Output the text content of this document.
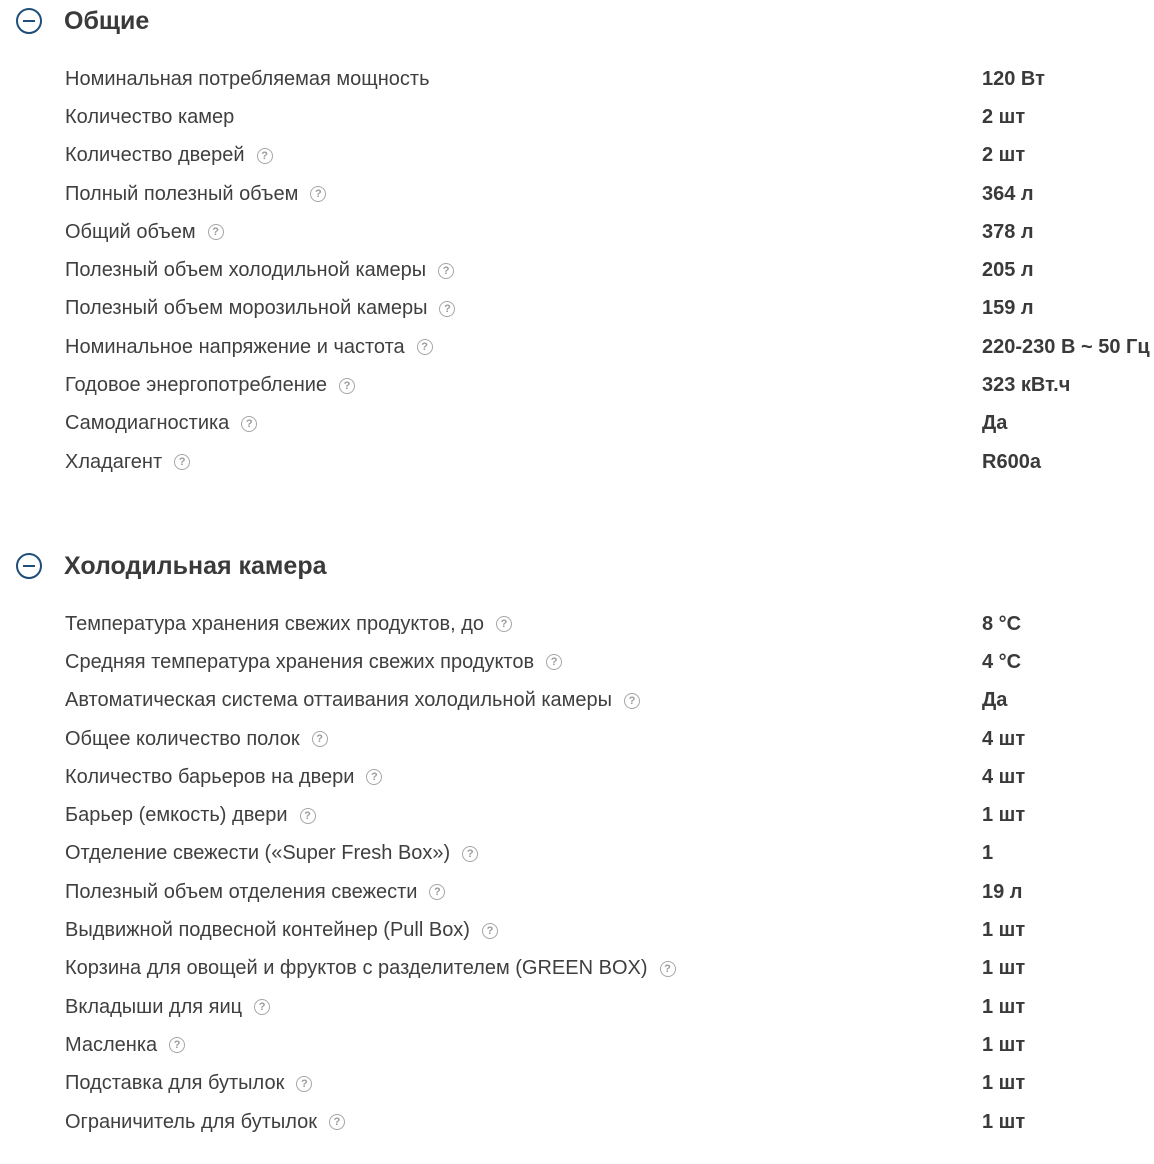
Общие
Номинальная потребляемая мощность	120 Вт
Количество камер	2 шт
Количество дверей	?	2 шт
Полный полезный объем	?	364 л
Общий объем	?	378 л
Полезный объем холодильной камеры	?	205 л
Полезный объем морозильной камеры	?	159 л
Номинальное напряжение и частота	?	220-230 В ~ 50 Гц
Годовое энергопотребление	?	323 кВт.ч
Самодиагностика	?	Да
Хладагент	?	R600a
Холодильная камера
Температура хранения свежих продуктов, до	?	8 °C
Средняя температура хранения свежих продуктов	?	4 °C
Автоматическая система оттаивания холодильной камеры	?	Да
Общее количество полок	?	4 шт
Количество барьеров на двери	?	4 шт
Барьер (емкость) двери	?	1 шт
Отделение свежести («Super Fresh Box»)	?	1
Полезный объем отделения свежести	?	19 л
Выдвижной подвесной контейнер (Pull Box)	?	1 шт
Корзина для овощей и фруктов с разделителем (GREEN BOX)	?	1 шт
Вкладыши для яиц	?	1 шт
Масленка	?	1 шт
Подставка для бутылок	?	1 шт
Ограничитель для бутылок	?	1 шт
